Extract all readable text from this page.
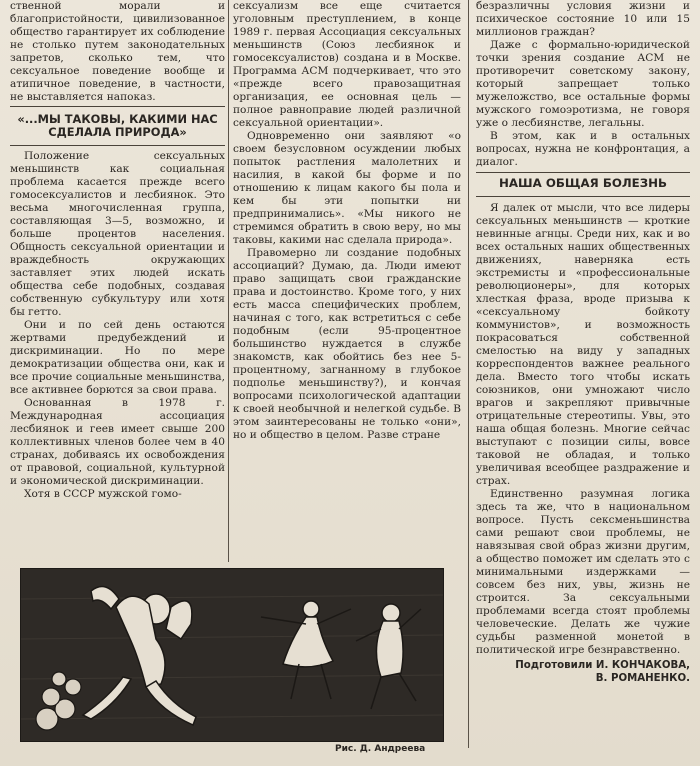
ственной морали и благопристойности, цивилизованное общество гарантирует их соблюдение не столько путем законодательных запретов, сколько тем, что сексуальное поведение вообще и атипичное поведение, в частности, не выставляется напоказ.

«...МЫ ТАКОВЫ, КАКИМИ НАС СДЕЛАЛА ПРИРОДА»

Положение сексуальных меньшинств как социальная проблема касается прежде всего гомосексуалистов и лесбиянок. Это весьма многочисленная группа, составляющая 3—5, возможно, и больше процентов населения. Общность сексуальной ориентации и враждебность окружающих заставляет этих людей искать общества себе подобных, создавая собственную субкультуру или хотя бы гетто.

Они и по сей день остаются жертвами предубеждений и дискриминации. Но по мере демократизации общества они, как и все прочие социальные меньшинства, все активнее борются за свои права.

Основанная в 1978 г. Международная ассоциация лесбиянок и геев имеет свыше 200 коллективных членов более чем в 40 странах, добиваясь их освобождения от правовой, социальной, культурной и экономической дискриминации.

Хотя в СССР мужской гомо-

сексуализм все еще считается уголовным преступлением, в конце 1989 г. первая Ассоциация сексуальных меньшинств (Союз лесбиянок и гомосексуалистов) создана и в Москве. Программа АСМ подчеркивает, что это «прежде всего правозащитная организация, ее основная цель — полное равноправие людей различной сексуальной ориентации».

Одновременно они заявляют «о своем безусловном осуждении любых попыток растления малолетних и насилия, в какой бы форме и по отношению к лицам какого бы пола и кем бы эти попытки ни предпринимались». «Мы никого не стремимся обратить в свою веру, но мы таковы, какими нас сделала природа».

Правомерно ли создание подобных ассоциаций? Думаю, да. Люди имеют право защищать свои гражданские права и достоинство. Кроме того, у них есть масса специфических проблем, начиная с того, как встретиться с себе подобным (если 95-процентное большинство нуждается в службе знакомств, как обойтись без нее 5-процентному, загнанному в глубокое подполье меньшинству?), и кончая вопросами психологической адаптации к своей необычной и нелегкой судьбе. В этом заинтересованы не только «они», но и общество в целом. Разве стране

безразличны условия жизни и психическое состояние 10 или 15 миллионов граждан?

Даже с формально-юридической точки зрения создание АСМ не противоречит советскому закону, который запрещает только мужеложство, все остальные формы мужского гомоэротизма, не говоря уже о лесбиянстве, легальны.

В этом, как и в остальных вопросах, нужна не конфронтация, а диалог.

НАША ОБЩАЯ БОЛЕЗНЬ

Я далек от мысли, что все лидеры сексуальных меньшинств — кроткие невинные агнцы. Среди них, как и во всех остальных наших общественных движениях, наверняка есть экстремисты и «профессиональные революционеры», для которых хлесткая фраза, вроде призыва к «сексуальному бойкоту коммунистов», и возможность покрасоваться собственной смелостью на виду у западных корреспондентов важнее реального дела. Вместо того чтобы искать союзников, они умножают число врагов и закрепляют привычные отрицательные стереотипы. Увы, это наша общая болезнь. Многие сейчас выступают с позиции силы, вовсе таковой не обладая, и только увеличивая всеобщее раздражение и страх.

Единственно разумная логика здесь та же, что в национальном вопросе. Пусть сексменьшинства сами решают свои проблемы, не навязывая свой образ жизни другим, а общество поможет им сделать это с минимальными издержками — совсем без них, увы, жизнь не строится. За сексуальными проблемами всегда стоят проблемы человеческие. Делать же чужие судьбы разменной монетой в политической игре безнравственно.

Подготовили И. КОНЧАКОВА,
В. РОМАНЕНКО.
Рис. Д. Андреева
